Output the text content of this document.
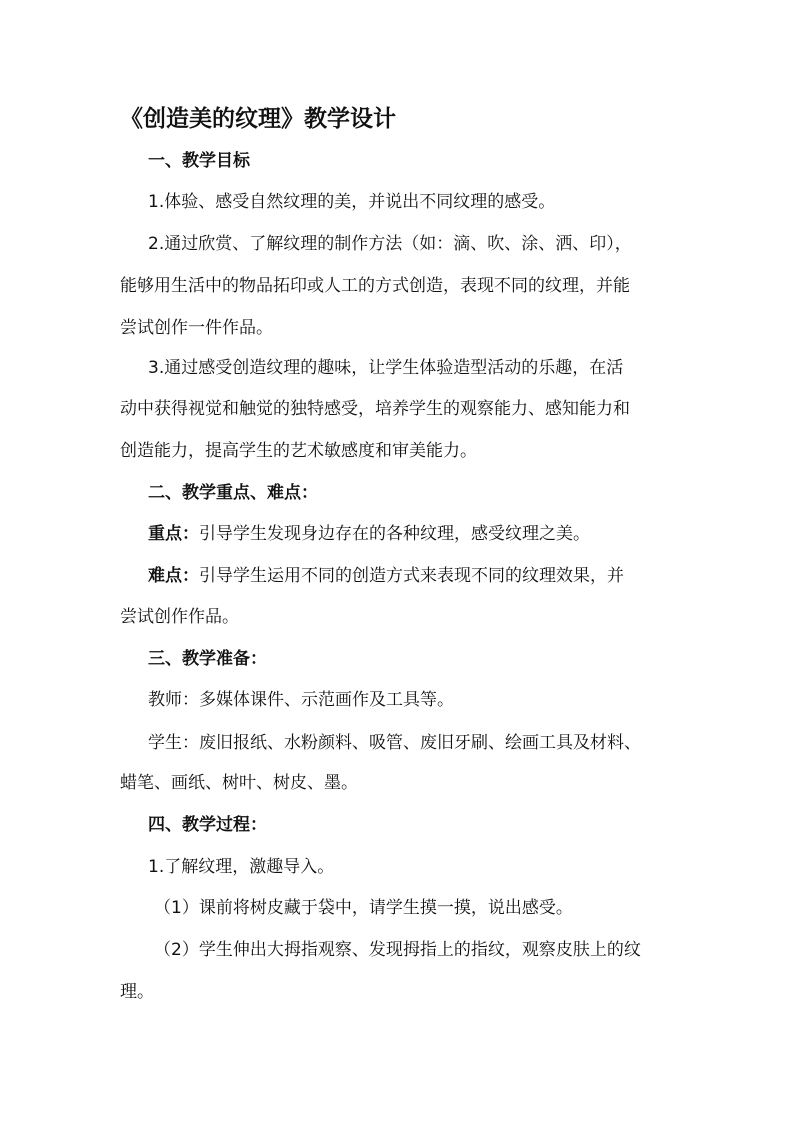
《创造美的纹理》教学设计
一、教学目标
1.体验、感受自然纹理的美，并说出不同纹理的感受。
2.通过欣赏、了解纹理的制作方法（如：滴、吹、涂、洒、印），
能够用生活中的物品拓印或人工的方式创造，表现不同的纹理，并能
尝试创作一件作品。
3.通过感受创造纹理的趣味，让学生体验造型活动的乐趣，在活
动中获得视觉和触觉的独特感受，培养学生的观察能力、感知能力和
创造能力，提高学生的艺术敏感度和审美能力。
二、教学重点、难点：
重点：引导学生发现身边存在的各种纹理，感受纹理之美。
难点：引导学生运用不同的创造方式来表现不同的纹理效果，并
尝试创作作品。
三、教学准备：
教师：多媒体课件、示范画作及工具等。
学生：废旧报纸、水粉颜料、吸管、废旧牙刷、绘画工具及材料、
蜡笔、画纸、树叶、树皮、墨。
四、教学过程：
1.了解纹理，激趣导入。
（1）课前将树皮藏于袋中，请学生摸一摸，说出感受。
（2）学生伸出大拇指观察、发现拇指上的指纹，观察皮肤上的纹
理。
